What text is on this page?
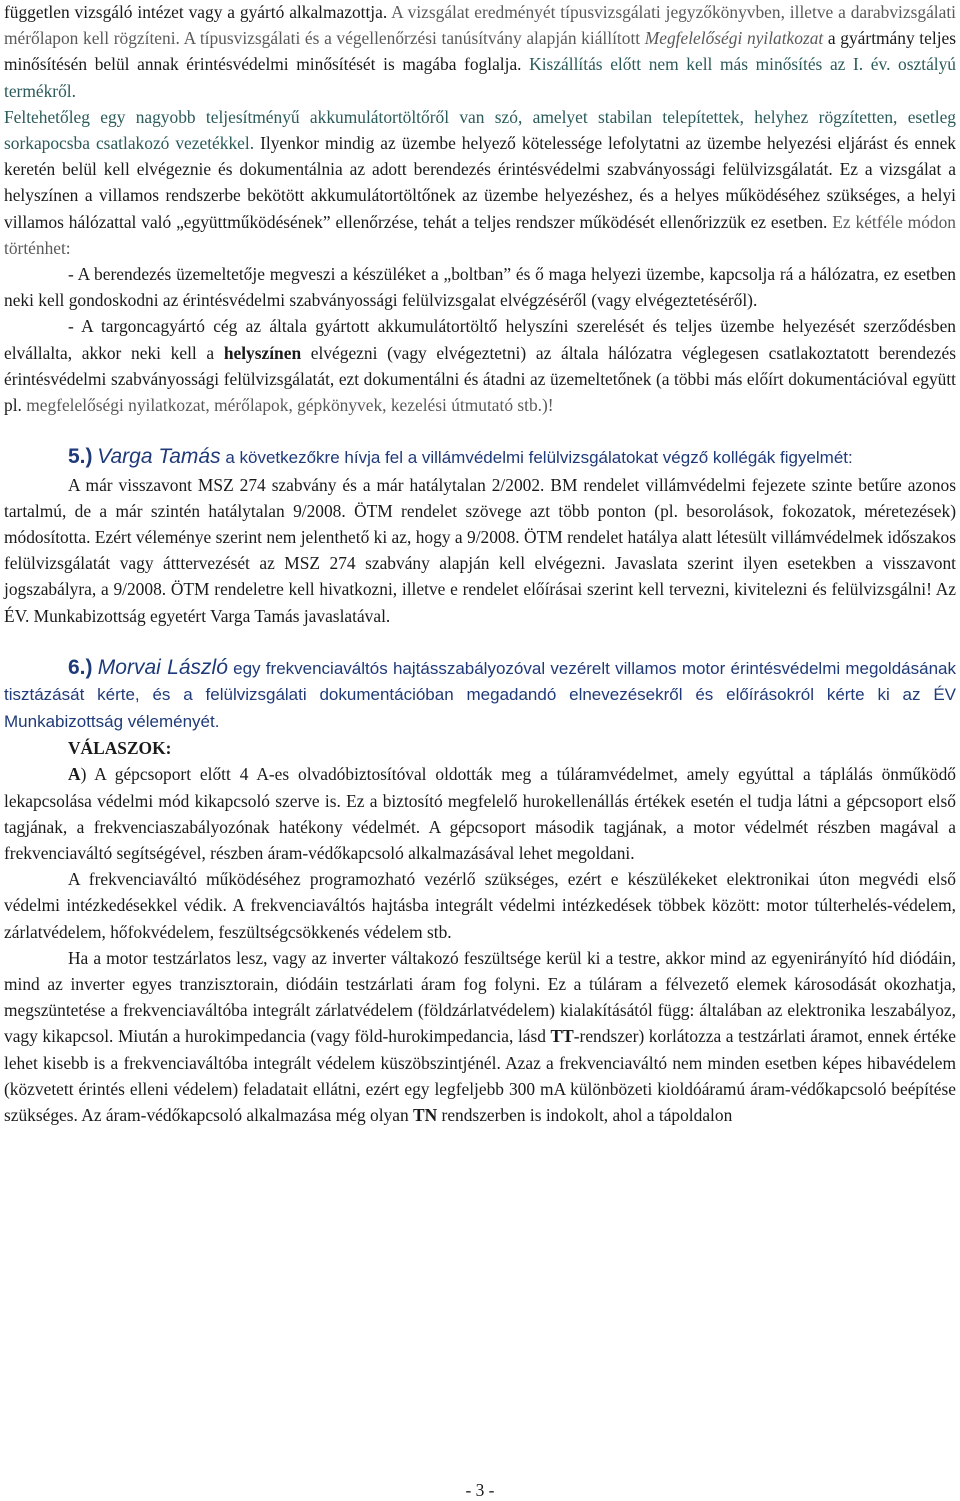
független vizsgáló intézet vagy a gyártó alkalmazottja. A vizsgálat eredményét típusvizsgálati jegyzőkönyvben, illetve a darabvizsgálati mérőlapon kell rögzíteni. A típusvizsgálati és a végellenőrzési tanúsítvány alapján kiállított Megfelelőségi nyilatkozat a gyártmány teljes minősítésén belül annak érintésvédelmi minősítését is magába foglalja. Kiszállítás előtt nem kell más minősítés az I. év. osztályú termékről.

Feltehetőleg egy nagyobb teljesítményű akkumulátortöltőről van szó, amelyet stabilan telepítettek, helyhez rögzítetten, esetleg sorkapocsba csatlakozó vezetékkel. Ilyenkor mindig az üzembe helyező kötelessége lefolytatni az üzembe helyezési eljárást és ennek keretén belül kell elvégeznie és dokumentálnia az adott berendezés érintésvédelmi szabványossági felülvizsgálatát. Ez a vizsgálat a helyszínen a villamos rendszerbe bekötött akkumulátortöltőnek az üzembe helyezéshez, és a helyes működéséhez szükséges, a helyi villamos hálózattal való „együttműködésének” ellenőrzése, tehát a teljes rendszer működését ellenőrizzük ez esetben. Ez kétféle módon történhet:

- A berendezés üzemeltetője megveszi a készüléket a „boltban” és ő maga helyezi üzembe, kapcsolja rá a hálózatra, ez esetben neki kell gondoskodni az érintésvédelmi szabványossági felülvizsgalat elvégzéséről (vagy elvégeztetéséről).

- A targoncagyártó cég az általa gyártott akkumulátortöltő helyszíni szerelését és teljes üzembe helyezését szerződésben elvállalta, akkor neki kell a helyszínen elvégezni (vagy elvégeztetni) az általa hálózatra véglegesen csatlakoztatott berendezés érintésvédelmi szabványossági felülvizsgálatát, ezt dokumentálni és átadni az üzemeltetőnek (a többi más előírt dokumentációval együtt pl. megfelelőségi nyilatkozat, mérőlapok, gépkönyvek, kezelési útmutató stb.)!

5.) Varga Tamás a következőkre hívja fel a villámvédelmi felülvizsgálatokat végző kollégák figyelmét:

A már visszavont MSZ 274 szabvány és a már hatálytalan 2/2002. BM rendelet villámvédelmi fejezete szinte betűre azonos tartalmú, de a már szintén hatálytalan 9/2008. ÖTM rendelet szövege azt több ponton (pl. besorolások, fokozatok, méretezések) módosította. Ezért véleménye szerint nem jelenthető ki az, hogy a 9/2008. ÖTM rendelet hatálya alatt létesült villámvédelmek időszakos felülvizsgálatát vagy átttervezését az MSZ 274 szabvány alapján kell elvégezni. Javaslata szerint ilyen esetekben a visszavont jogszabályra, a 9/2008. ÖTM rendeletre kell hivatkozni, illetve e rendelet előírásai szerint kell tervezni, kivitelezni és felülvizsgálni! Az ÉV. Munkabizottság egyetért Varga Tamás javaslatával.

6.) Morvai László egy frekvenciaváltós hajtásszabályozóval vezérelt villamos motor érintésvédelmi megoldásának tisztázását kérte, és a felülvizsgálati dokumentációban megadandó elnevezésekről és előírásokról kérte ki az ÉV Munkabizottság véleményét.

VÁLASZOK:

A) A gépcsoport előtt 4 A-es olvadóbiztosítóval oldották meg a túláramvédelmet, amely egyúttal a táplálás önműködő lekapcsolása védelmi mód kikapcsoló szerve is. Ez a biztosító megfelelő hurokellenállás értékek esetén el tudja látni a gépcsoport első tagjának, a frekvenciaszabályozónak hatékony védelmét. A gépcsoport második tagjának, a motor védelmét részben magával a frekvenciaváltó segítségével, részben áram-védőkapcsoló alkalmazásával lehet megoldani.

A frekvenciaváltó működéséhez programozható vezérlő szükséges, ezért e készülékeket elektronikai úton megvédi első védelmi intézkedésekkel védik. A frekvenciaváltós hajtásba integrált védelmi intézkedések többek között: motor túlterhelés-védelem, zárlatvédelem, hőfokvédelem, feszültségcsökkenés védelem stb.

Ha a motor testzárlatos lesz, vagy az inverter váltakozó feszültsége kerül ki a testre, akkor mind az egyenirányító híd diódáin, mind az inverter egyes tranzisztorain, diódáin testzárlati áram fog folyni. Ez a túláram a félvezető elemek károsodását okozhatja, megszüntetése a frekvenciaváltóba integrált zárlatvédelem (földzárlatvédelem) kialakításától függ: általában az elektronika leszabályoz, vagy kikapcsol. Miután a hurokimpedancia (vagy föld-hurokimpedancia, lásd TT-rendszer) korlátozza a testzárlati áramot, ennek értéke lehet kisebb is a frekvenciaváltóba integrált védelem küszöbszintjénél. Azaz a frekvenciaváltó nem minden esetben képes hibavédelem (közvetett érintés elleni védelem) feladatait ellátni, ezért egy legfeljebb 300 mA különbözeti kioldóáramú áram-védőkapcsoló beépítése szükséges. Az áram-védőkapcsoló alkalmazása még olyan TN rendszerben is indokolt, ahol a tápoldalon

- 3 -
